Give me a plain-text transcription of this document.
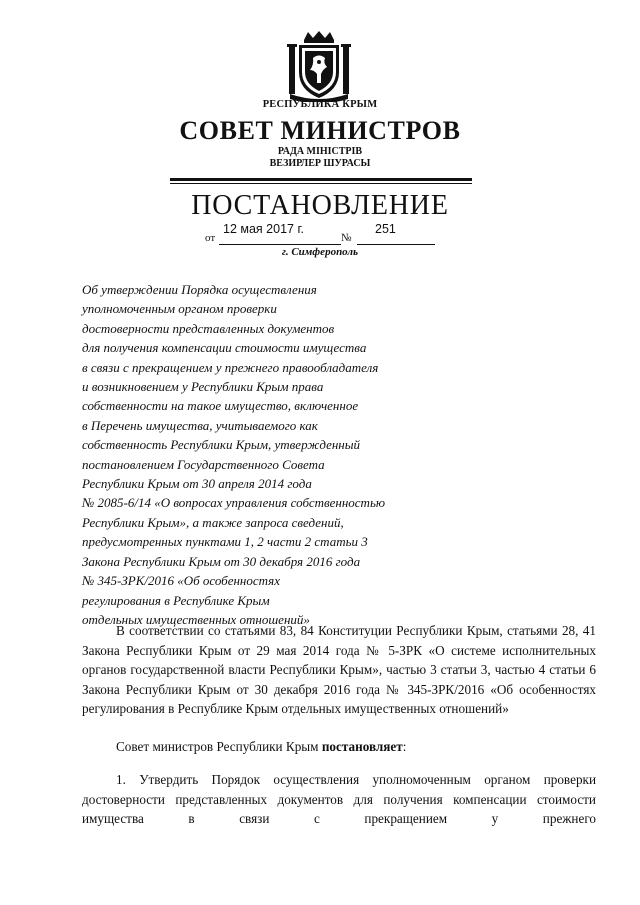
РЕСПУБЛИКА КРЫМ
СОВЕТ МИНИСТРОВ
РАДА МІНІСТРІВ
ВЕЗИРЛЕР ШУРАСЫ
ПОСТАНОВЛЕНИЕ
от
12 мая 2017 г.
№
251
г. Симферополь
Об утверждении Порядка осуществления
уполномоченным органом проверки
достоверности представленных документов
для получения компенсации стоимости имущества
в связи с прекращением у прежнего правообладателя
и возникновением у Республики Крым права
собственности на такое имущество, включенное
в Перечень имущества, учитываемого как
собственность Республики Крым, утвержденный
постановлением Государственного Совета
Республики Крым от 30 апреля 2014 года
№ 2085-6/14 «О вопросах управления собственностью
Республики Крым», а также запроса сведений,
предусмотренных пунктами 1, 2 части 2 статьи 3
Закона Республики Крым от 30 декабря 2016 года
№ 345-ЗРК/2016 «Об особенностях
регулирования в Республике Крым
отдельных имущественных отношений»

В соответствии со статьями 83, 84 Конституции Республики Крым, статьями 28, 41 Закона Республики Крым от 29 мая 2014 года № 5-ЗРК «О системе исполнительных органов государственной власти Республики Крым», частью 3 статьи 3, частью 4 статьи 6 Закона Республики Крым от 30 декабря 2016 года № 345-ЗРК/2016 «Об особенностях регулирования в Республике Крым отдельных имущественных отношений»

Совет министров Республики Крым постановляет:

1. Утвердить Порядок осуществления уполномоченным органом проверки достоверности представленных документов для получения компенсации стоимости имущества в связи с прекращением у прежнего
